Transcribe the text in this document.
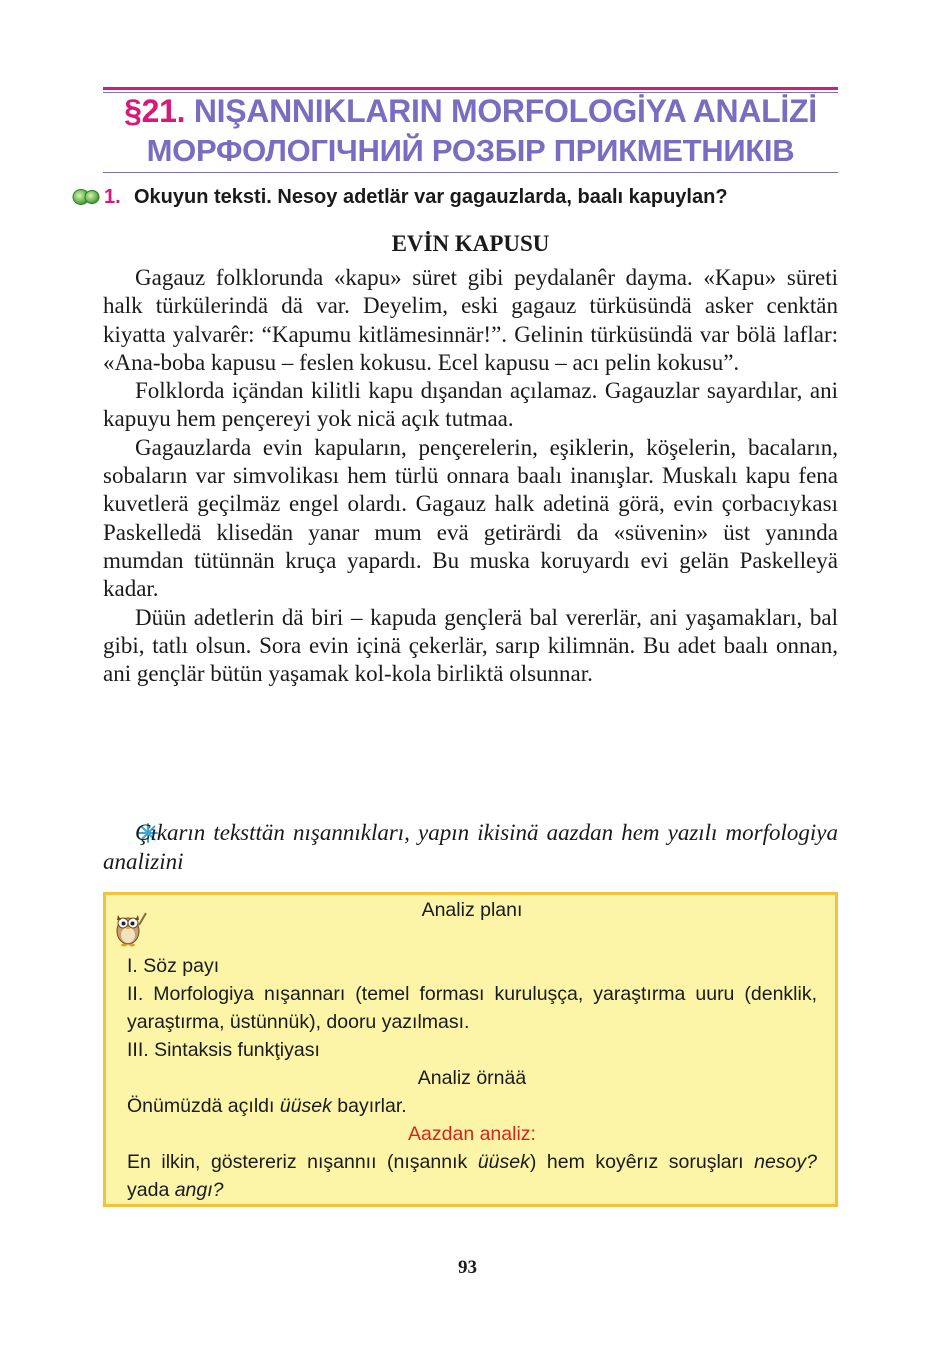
§21. NIŞANNIKLARIN MORFOLOGİYA ANALİZİ
МОРФОЛОГІЧНИЙ РОЗБІР ПРИКМЕТНИКІВ
1. Okuyun teksti. Nesoy adetlär var gagauzlarda, baalı kapuylan?
EVİN KAPUSU

Gagauz folklorunda «kapu» süret gibi peydalanêr dayma. «Kapu» süreti halk türkülerindä dä var. Deyelim, eski gagauz türküsündä asker cenktän kiyatta yalvarêr: “Kapumu kitlämesinnär!”. Gelinin türküsündä var bölä laflar: «Ana-boba kapusu – feslen kokusu. Ecel kapusu – acı pelin kokusu”.

Folklorda içändan kilitli kapu dışandan açılamaz. Gagauzlar sayardılar, ani kapuyu hem pençereyi yok nicä açık tutmaa.

Gagauzlarda evin kapuların, pençerelerin, eşiklerin, köşelerin, bacaların, sobaların var simvolikası hem türlü onnara baalı inanışlar. Muskalı kapu fena kuvetlerä geçilmäz engel olardı. Gagauz halk adetinä görä, evin çorbacıykası Paskelledä klisedän yanar mum evä getirärdi da «süvenin» üst yanında mumdan tütünnän kruça yapardı. Bu muska koruyardı evi gelän Paskelleyä kadar.

Düün adetlerin dä biri – kapuda gençlerä bal vererlär, ani yaşamakları, bal gibi, tatlı olsun. Sora evin içinä çekerlär, sarıp kilimnän. Bu adet baalı onnan, ani gençlär bütün yaşamak kol-kola birliktä olsunnar.

Çıkarın teksttän nışannıkları, yapın ikisinä aazdan hem yazılı morfologiya analizini
Analiz planı
I. Söz payı
II. Morfologiya nışannarı (temel forması kuruluşça, yaraştırma uuru (denklik, yaraştırma, üstünnük), dooru yazılması.
III. Sintaksis funkţiyası
Analiz örnää
Önümüzdä açıldı üüsek bayırlar.
Aazdan analiz:
En ilkin, göstereriz nışannıı (nışannık üüsek) hem koyêrız soruşları nesoy? yada angı?
93
